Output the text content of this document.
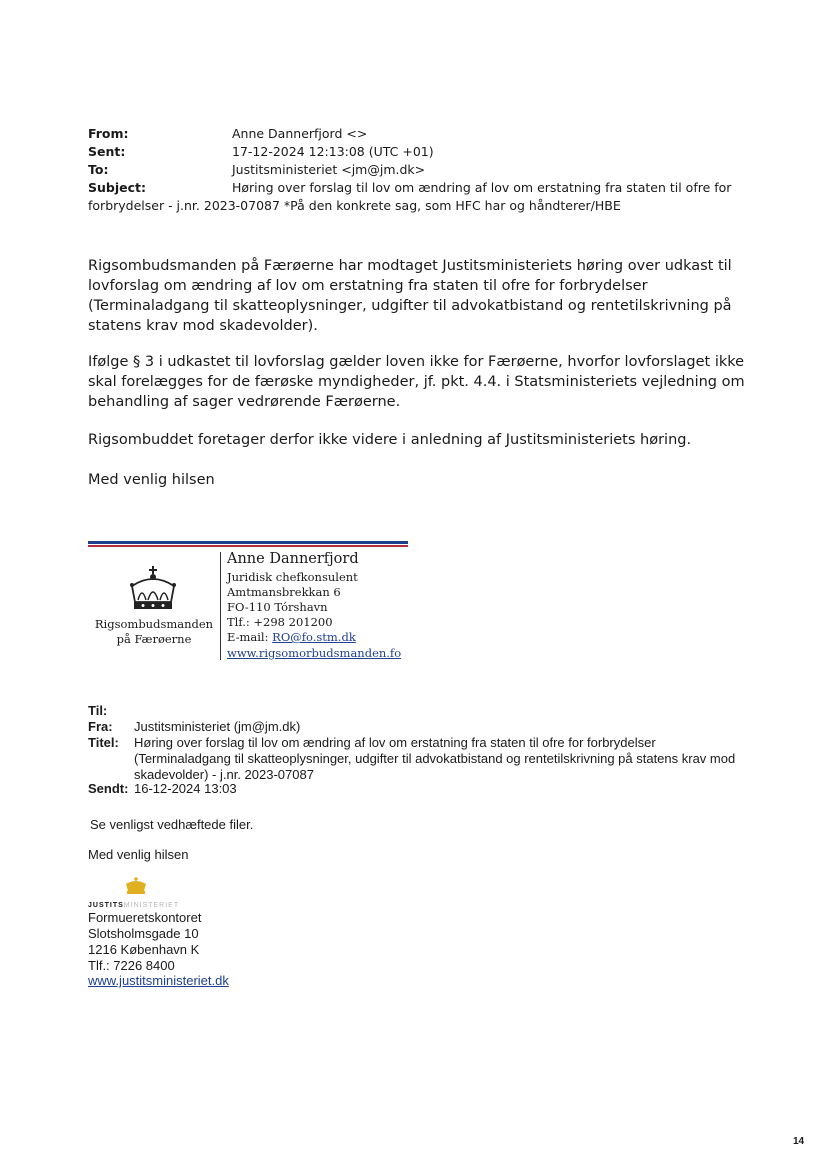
From:	Anne Dannerfjord <>
Sent:	17-12-2024 12:13:08 (UTC +01)
To:	Justitsministeriet <jm@jm.dk>
Subject:	Høring over forslag til lov om ændring af lov om erstatning fra staten til ofre for
forbrydelser - j.nr. 2023-07087 *På den konkrete sag, som HFC har og håndterer/HBE

Rigsombudsmanden på Færøerne har modtaget Justitsministeriets høring over udkast til lovforslag om ændring af lov om erstatning fra staten til ofre for forbrydelser (Terminaladgang til skatteoplysninger, udgifter til advokatbistand og rentetilskrivning på statens krav mod skadevolder).

Ifølge § 3 i udkastet til lovforslag gælder loven ikke for Færøerne, hvorfor lovforslaget ikke skal forelægges for de færøske myndigheder, jf. pkt. 4.4. i Statsministeriets vejledning om behandling af sager vedrørende Færøerne.

Rigsombuddet foretager derfor ikke videre i anledning af Justitsministeriets høring.

Med venlig hilsen

Rigsombudsmanden
på Færøerne
Anne Dannerfjord
Juridisk chefkonsulent
Amtmansbrekkan 6
FO-110 Tórshavn
Tlf.: +298 201200
E-mail: RO@fo.stm.dk
www.rigsomorbudsmanden.fo
Til:
Fra: Justitsministeriet (jm@jm.dk)
Titel: Høring over forslag til lov om ændring af lov om erstatning fra staten til ofre for forbrydelser (Terminaladgang til skatteoplysninger, udgifter til advokatbistand og rentetilskrivning på statens krav mod skadevolder) - j.nr. 2023-07087
Sendt: 16-12-2024 13:03
Se venligst vedhæftede filer.
Med venlig hilsen
JUSTITSMINISTERIET
Formueretskontoret
Slotsholmsgade 10
1216 København K
Tlf.: 7226 8400
www.justitsministeriet.dk
14
